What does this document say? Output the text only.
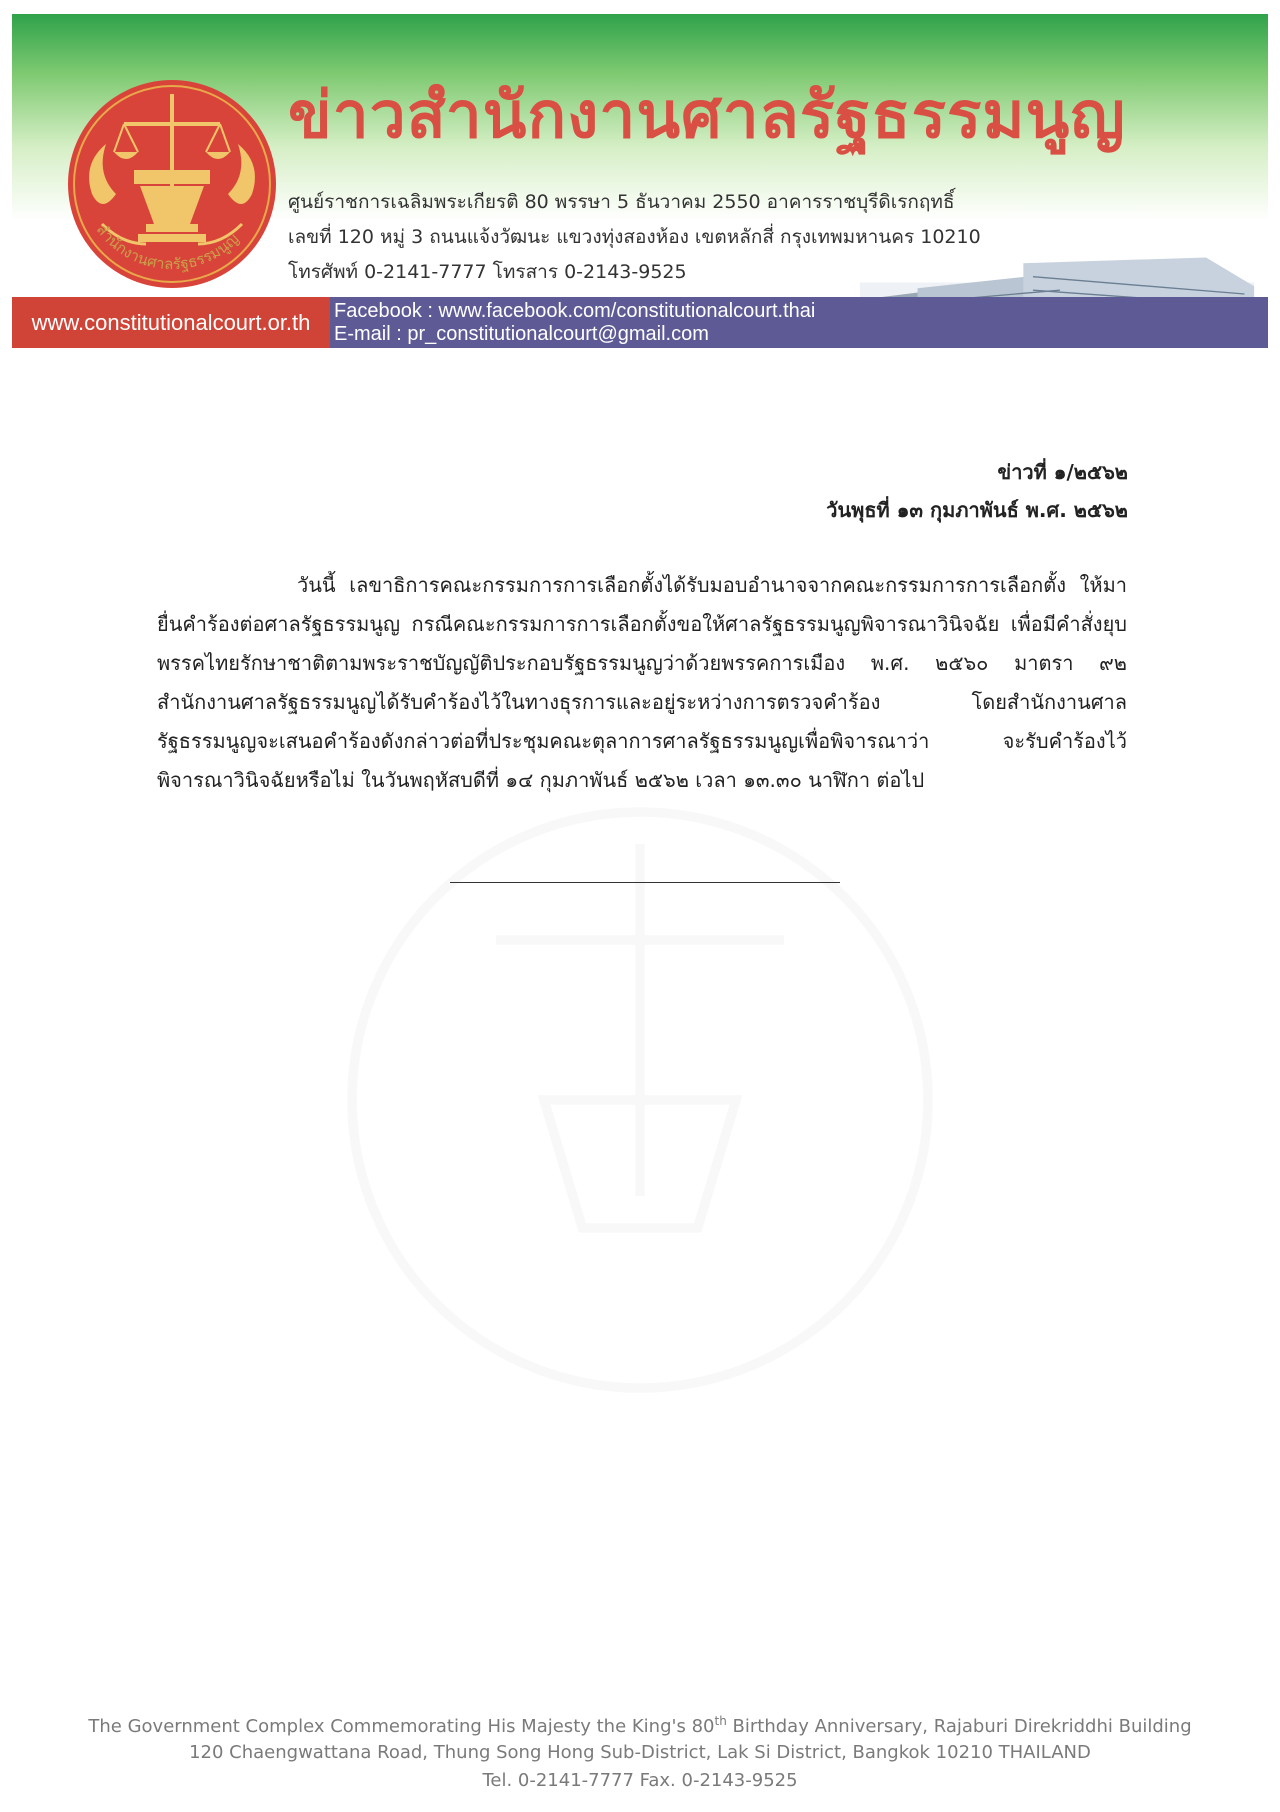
สำนักงานศาลรัฐธรรมนูญ
ข่าวสำนักงานศาลรัฐธรรมนูญ
ศูนย์ราชการเฉลิมพระเกียรติ 80 พรรษา 5 ธันวาคม 2550 อาคารราชบุรีดิเรกฤทธิ์
เลขที่ 120 หมู่ 3 ถนนแจ้งวัฒนะ แขวงทุ่งสองห้อง เขตหลักสี่ กรุงเทพมหานคร 10210
โทรศัพท์ 0-2141-7777 โทรสาร 0-2143-9525
www.constitutionalcourt.or.th	Facebook : www.facebook.com/constitutionalcourt.thai
E-mail : pr_constitutionalcourt@gmail.com
ข่าวที่ ๑/๒๕๖๒
วันพุธที่ ๑๓ กุมภาพันธ์ พ.ศ. ๒๕๖๒
วันนี้ เลขาธิการคณะกรรมการการเลือกตั้งได้รับมอบอำนาจจากคณะกรรมการการเลือกตั้ง ให้มายื่นคำร้องต่อศาลรัฐธรรมนูญ กรณีคณะกรรมการการเลือกตั้งขอให้ศาลรัฐธรรมนูญพิจารณาวินิจฉัย เพื่อมีคำสั่งยุบพรรคไทยรักษาชาติตามพระราชบัญญัติประกอบรัฐธรรมนูญว่าด้วยพรรคการเมือง พ.ศ. ๒๕๖๐ มาตรา ๙๒ สำนักงานศาลรัฐธรรมนูญได้รับคำร้องไว้ในทางธุรการและอยู่ระหว่างการตรวจคำร้อง โดยสำนักงานศาลรัฐธรรมนูญจะเสนอคำร้องดังกล่าวต่อที่ประชุมคณะตุลาการศาลรัฐธรรมนูญเพื่อพิจารณาว่า จะรับคำร้องไว้พิจารณาวินิจฉัยหรือไม่ ในวันพฤหัสบดีที่ ๑๔ กุมภาพันธ์ ๒๕๖๒ เวลา ๑๓.๓๐ นาฬิกา ต่อไป
The Government Complex Commemorating His Majesty the King's 80th Birthday Anniversary, Rajaburi Direkriddhi Building
120 Chaengwattana Road, Thung Song Hong Sub-District, Lak Si District, Bangkok 10210 THAILAND
Tel. 0-2141-7777 Fax. 0-2143-9525
